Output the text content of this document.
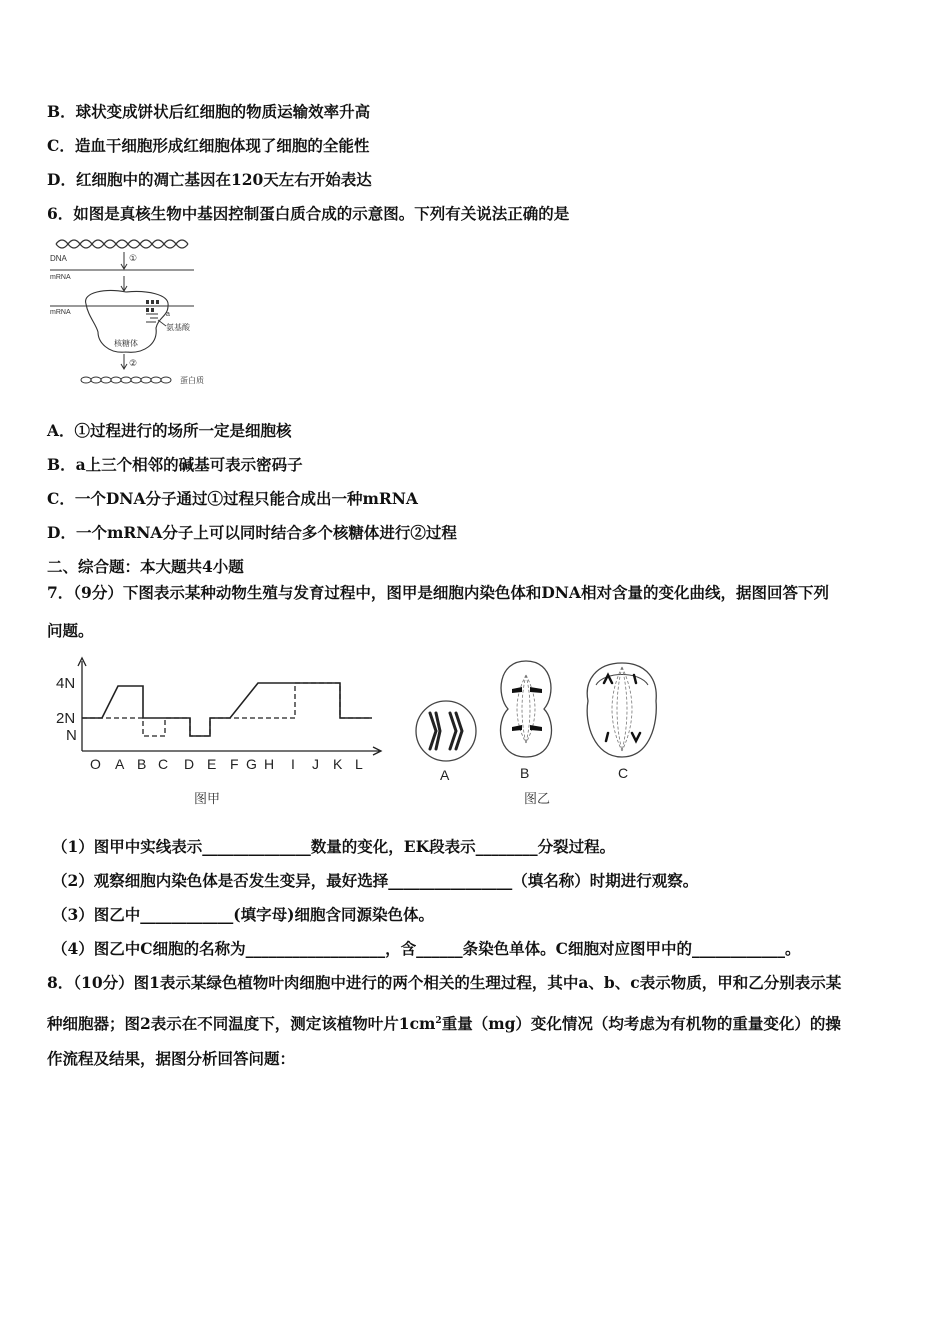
B．球状变成饼状后红细胞的物质运输效率升高
C．造血干细胞形成红细胞体现了细胞的全能性
D．红细胞中的凋亡基因在120天左右开始表达
6．如图是真核生物中基因控制蛋白质合成的示意图。下列有关说法正确的是
DNA	①
mRNA
mRNA	a
氨基酸
核糖体
②
蛋白质
A．①过程进行的场所一定是细胞核
B．a上三个相邻的碱基可表示密码子
C．一个DNA分子通过①过程只能合成出一种mRNA
D．一个mRNA分子上可以同时结合多个核糖体进行②过程
二、综合题：本大题共4小题
7．（9分）下图表示某种动物生殖与发育过程中，图甲是细胞内染色体和DNA相对含量的变化曲线，据图回答下列
问题。
4N
2N
N
O A B C D E F G H I J K L
图甲
A	B	C
图乙
（1）图甲中实线表示______________数量的变化，EK段表示________分裂过程。
（2）观察细胞内染色体是否发生变异，最好选择________________（填名称）时期进行观察。
（3）图乙中____________(填字母)细胞含同源染色体。
（4）图乙中C细胞的名称为__________________，含______条染色单体。C细胞对应图甲中的____________。
8．（10分）图1表示某绿色植物叶肉细胞中进行的两个相关的生理过程，其中a、b、c表示物质，甲和乙分别表示某
种细胞器；图2表示在不同温度下，测定该植物叶片$1cm^2$重量（mg）变化情况（均考虑为有机物的重量变化）的操
作流程及结果，据图分析回答问题：
